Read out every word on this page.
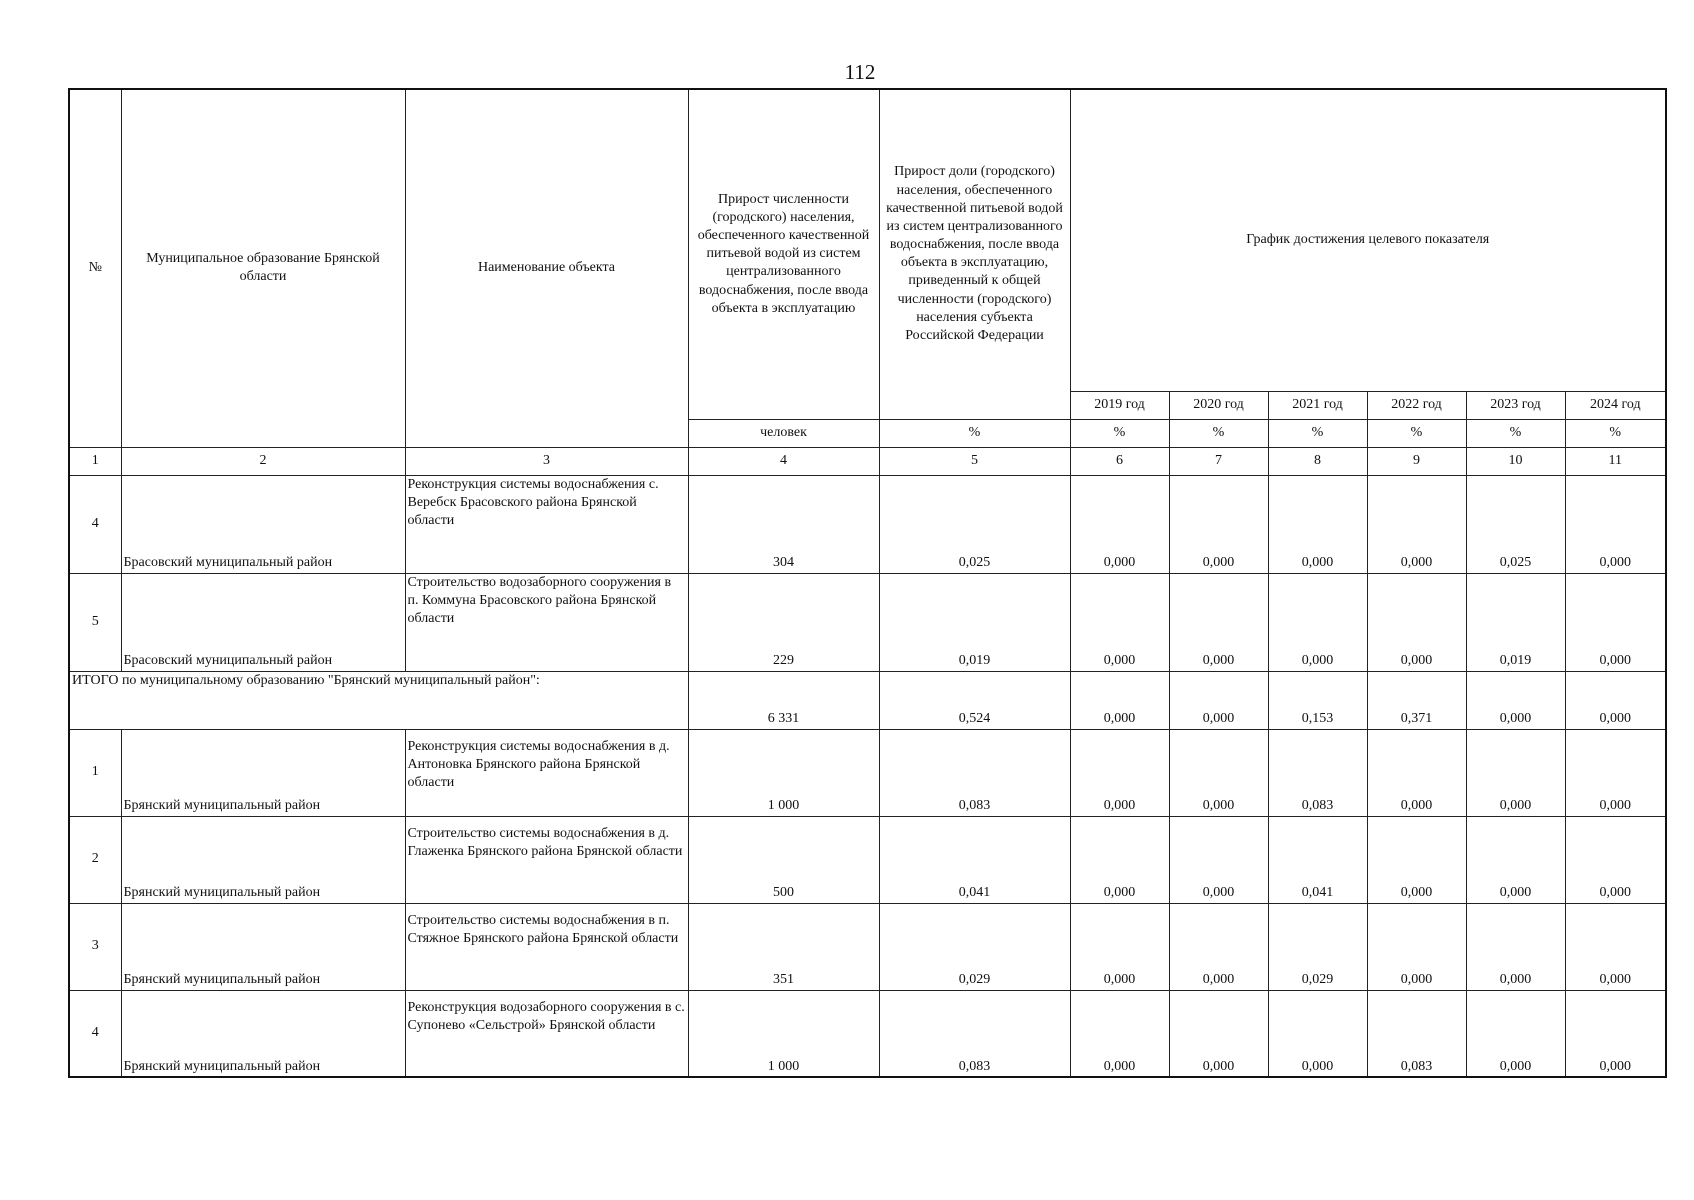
112
№	Муниципальное образование Брянской области	Наименование объекта	Прирост численности (городского) населения, обеспеченного качественной питьевой водой из систем централизованного водоснабжения, после ввода объекта в эксплуатацию	Прирост доли (городского) населения, обеспеченного качественной питьевой водой из систем централизованного водоснабжения, после ввода объекта в эксплуатацию, приведенный к общей численности (городского) населения субъекта Российской Федерации	График достижения целевого показателя					
					2019 год	2020 год	2021 год	2022 год	2023 год	2024 год
			человек	%	%	%	%	%	%	%
1	2	3	4	5	6	7	8	9	10	11
4	Брасовский муниципальный район	Реконструкция системы водоснабжения с. Веребск Брасовского района Брянской области	304	0,025	0,000	0,000	0,000	0,000	0,025	0,000
5	Брасовский муниципальный район	Строительство водозаборного сооружения в п. Коммуна Брасовского района Брянской области	229	0,019	0,000	0,000	0,000	0,000	0,019	0,000
ИТОГО по муниципальному образованию "Брянский муниципальный район":			6 331	0,524	0,000	0,000	0,153	0,371	0,000	0,000
1	Брянский муниципальный район	Реконструкция системы водоснабжения в д. Антоновка Брянского района Брянской области	1 000	0,083	0,000	0,000	0,083	0,000	0,000	0,000
2	Брянский муниципальный район	Строительство системы водоснабжения в д. Глаженка Брянского района Брянской области	500	0,041	0,000	0,000	0,041	0,000	0,000	0,000
3	Брянский муниципальный район	Строительство системы водоснабжения в п. Стяжное Брянского района Брянской области	351	0,029	0,000	0,000	0,029	0,000	0,000	0,000
4	Брянский муниципальный район	Реконструкция водозаборного сооружения в с. Супонево «Сельстрой» Брянской области	1 000	0,083	0,000	0,000	0,000	0,083	0,000	0,000
